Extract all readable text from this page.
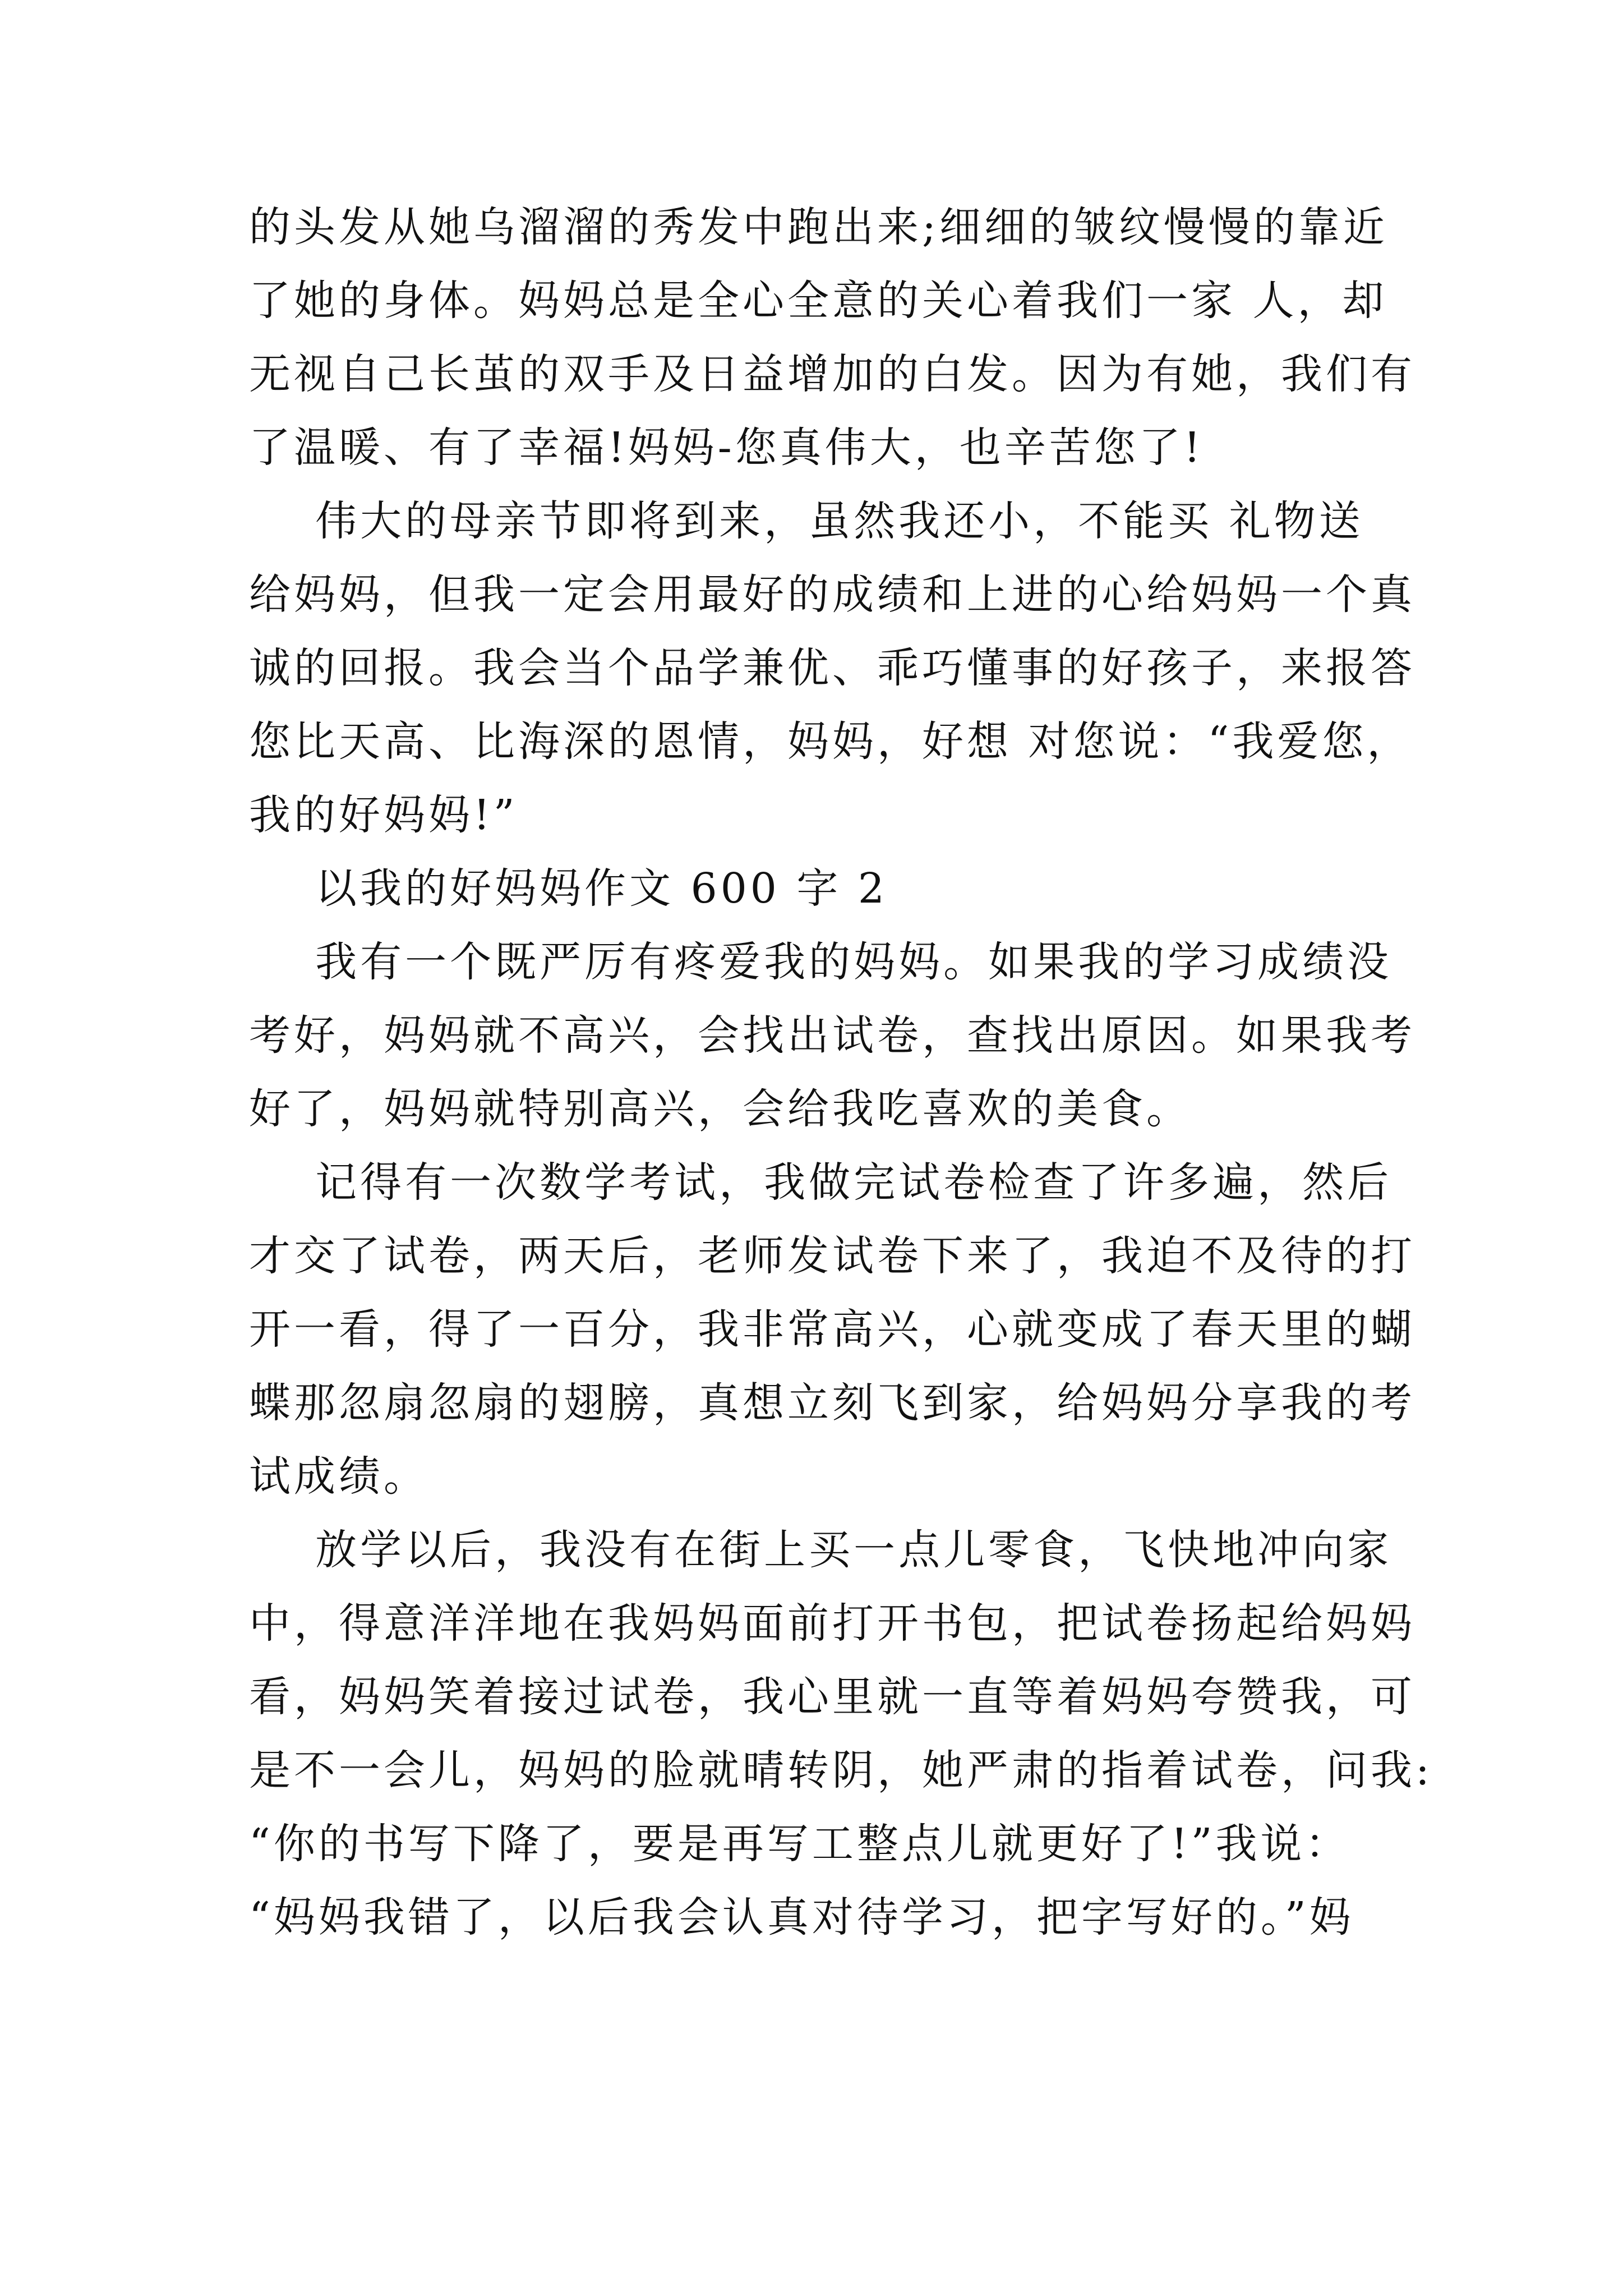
的头发从她乌溜溜的秀发中跑出来;细细的皱纹慢慢的靠近
了她的身体。妈妈总是全心全意的关心着我们一家 人，却
无视自己长茧的双手及日益增加的白发。因为有她，我们有
了温暖、有了幸福!妈妈-您真伟大，也辛苦您了!
伟大的母亲节即将到来，虽然我还小，不能买 礼物送
给妈妈，但我一定会用最好的成绩和上进的心给妈妈一个真
诚的回报。我会当个品学兼优、乖巧懂事的好孩子，来报答
您比天高、比海深的恩情，妈妈，好想 对您说：“我爱您，
我的好妈妈!”
以我的好妈妈作文 600 字 2
我有一个既严厉有疼爱我的妈妈。如果我的学习成绩没
考好，妈妈就不高兴，会找出试卷，查找出原因。如果我考
好了，妈妈就特别高兴，会给我吃喜欢的美食。
记得有一次数学考试，我做完试卷检查了许多遍，然后
才交了试卷，两天后，老师发试卷下来了，我迫不及待的打
开一看，得了一百分，我非常高兴，心就变成了春天里的蝴
蝶那忽扇忽扇的翅膀，真想立刻飞到家，给妈妈分享我的考
试成绩。
放学以后，我没有在街上买一点儿零食，飞快地冲向家
中，得意洋洋地在我妈妈面前打开书包，把试卷扬起给妈妈
看，妈妈笑着接过试卷，我心里就一直等着妈妈夸赞我，可
是不一会儿，妈妈的脸就晴转阴，她严肃的指着试卷，问我:
“你的书写下降了，要是再写工整点儿就更好了!”我说：
“妈妈我错了，以后我会认真对待学习，把字写好的。”妈
